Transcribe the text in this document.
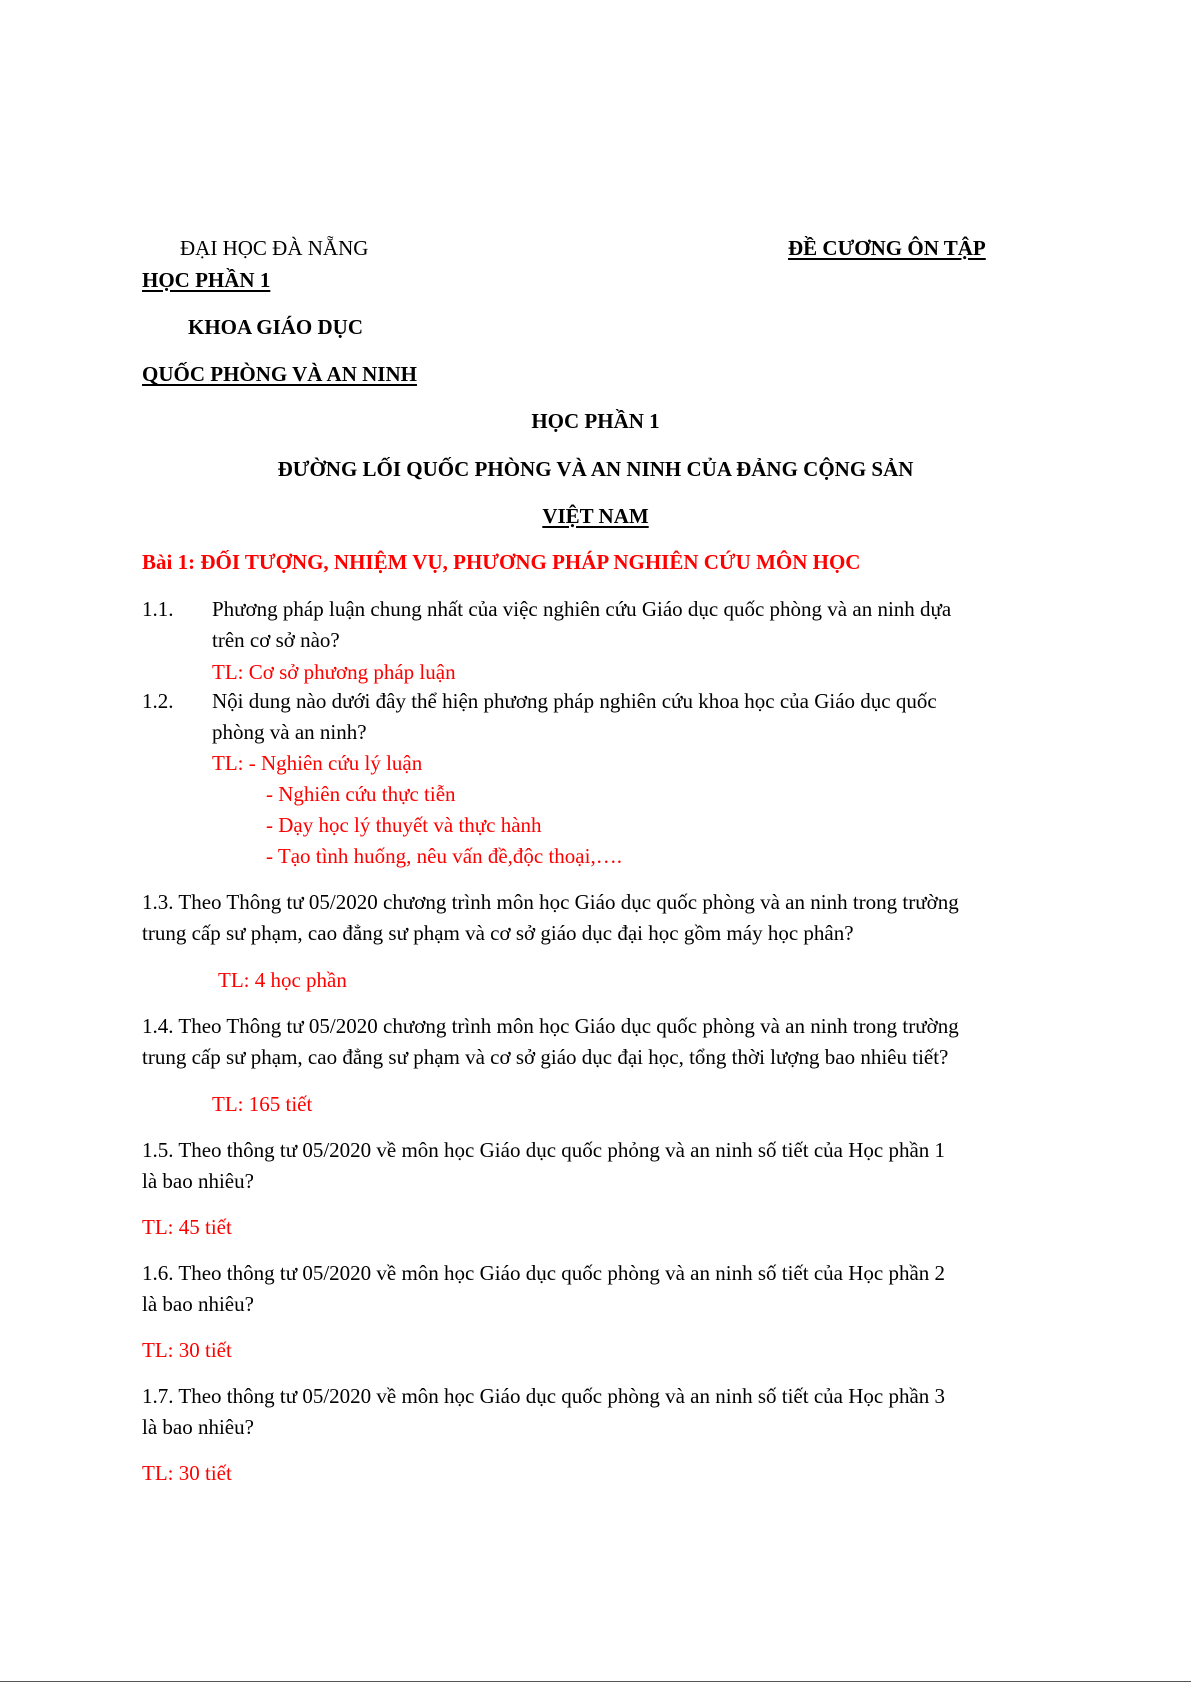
ĐẠI HỌC ĐÀ NẴNG	ĐỀ CƯƠNG ÔN TẬP
HỌC PHẦN 1
KHOA GIÁO DỤC
QUỐC PHÒNG VÀ AN NINH
HỌC PHẦN 1
ĐƯỜNG LỐI QUỐC PHÒNG VÀ AN NINH CỦA ĐẢNG CỘNG SẢN
VIỆT NAM
Bài 1: ĐỐI TƯỢNG, NHIỆM VỤ, PHƯƠNG PHÁP NGHIÊN CỨU MÔN HỌC
1.1. Phương pháp luận chung nhất của việc nghiên cứu Giáo dục quốc phòng và an ninh dựa
trên cơ sở nào?
TL: Cơ sở phương pháp luận
1.2. Nội dung nào dưới đây thể hiện phương pháp nghiên cứu khoa học của Giáo dục quốc
phòng và an ninh?
TL: - Nghiên cứu lý luận
- Nghiên cứu thực tiễn
- Dạy học lý thuyết và thực hành
- Tạo tình huống, nêu vấn đề,độc thoại,….
1.3. Theo Thông tư 05/2020 chương trình môn học Giáo dục quốc phòng và an ninh trong trường
trung cấp sư phạm, cao đẳng sư phạm và cơ sở giáo dục đại học gồm máy học phân?
TL: 4 học phần
1.4. Theo Thông tư 05/2020 chương trình môn học Giáo dục quốc phòng và an ninh trong trường
trung cấp sư phạm, cao đẳng sư phạm và cơ sở giáo dục đại học, tổng thời lượng bao nhiêu tiết?
TL: 165 tiết
1.5. Theo thông tư 05/2020 về môn học Giáo dục quốc phỏng và an ninh số tiết của Học phần 1
là bao nhiêu?
TL: 45 tiết
1.6. Theo thông tư 05/2020 về môn học Giáo dục quốc phòng và an ninh số tiết của Học phần 2
là bao nhiêu?
TL: 30 tiết
1.7. Theo thông tư 05/2020 về môn học Giáo dục quốc phòng và an ninh số tiết của Học phần 3
là bao nhiêu?
TL: 30 tiết
